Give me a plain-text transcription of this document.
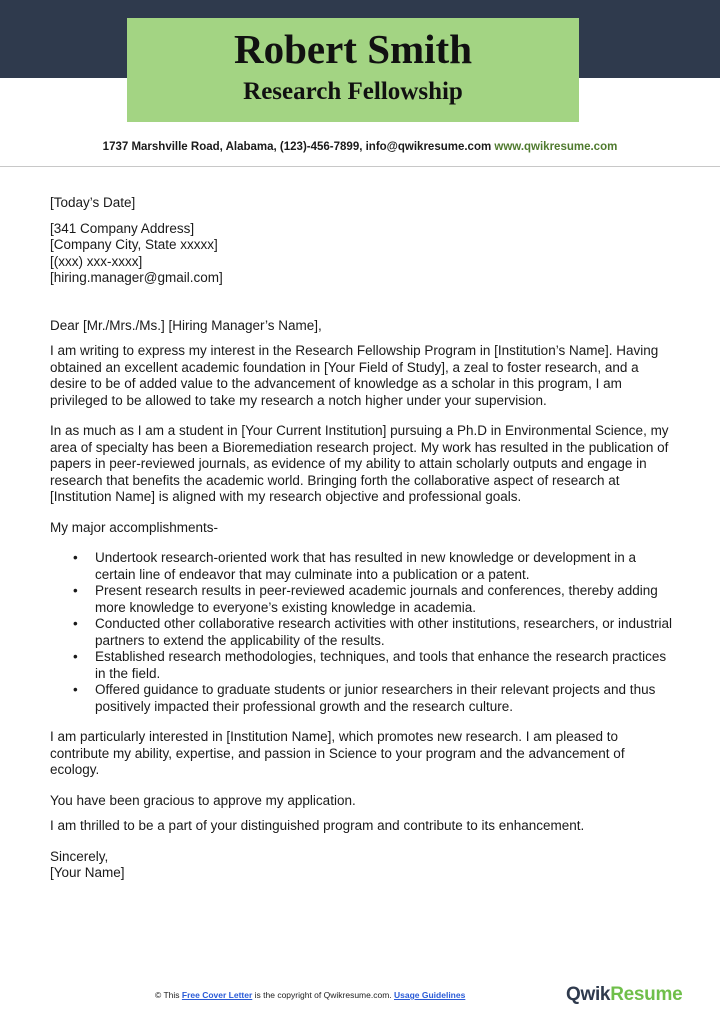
Robert Smith
Research Fellowship
1737 Marshville Road, Alabama, (123)-456-7899, info@qwikresume.com www.qwikresume.com

[Today’s Date]

[341 Company Address]

[Company City, State xxxxx]

[(xxx) xxx-xxxx]

[hiring.manager@gmail.com]

Dear [Mr./Mrs./Ms.] [Hiring Manager’s Name],

I am writing to express my interest in the Research Fellowship Program in [Institution’s Name]. Having obtained an excellent academic foundation in [Your Field of Study], a zeal to foster research, and a desire to be of added value to the advancement of knowledge as a scholar in this program, I am privileged to be allowed to take my research a notch higher under your supervision.

In as much as I am a student in [Your Current Institution] pursuing a Ph.D in Environmental Science, my area of specialty has been a Bioremediation research project. My work has resulted in the publication of papers in peer-reviewed journals, as evidence of my ability to attain scholarly outputs and engage in research that benefits the academic world. Bringing forth the collaborative aspect of research at [Institution Name] is aligned with my research objective and professional goals.

My major accomplishments-

• Undertook research-oriented work that has resulted in new knowledge or development in a certain line of endeavor that may culminate into a publication or a patent.
• Present research results in peer-reviewed academic journals and conferences, thereby adding more knowledge to everyone’s existing knowledge in academia.
• Conducted other collaborative research activities with other institutions, researchers, or industrial partners to extend the applicability of the results.
• Established research methodologies, techniques, and tools that enhance the research practices in the field.
• Offered guidance to graduate students or junior researchers in their relevant projects and thus positively impacted their professional growth and the research culture.

I am particularly interested in [Institution Name], which promotes new research. I am pleased to contribute my ability, expertise, and passion in Science to your program and the advancement of ecology.

You have been gracious to approve my application.

I am thrilled to be a part of your distinguished program and contribute to its enhancement.

Sincerely,

[Your Name]

© This Free Cover Letter is the copyright of Qwikresume.com. Usage Guidelines	QwikResume
